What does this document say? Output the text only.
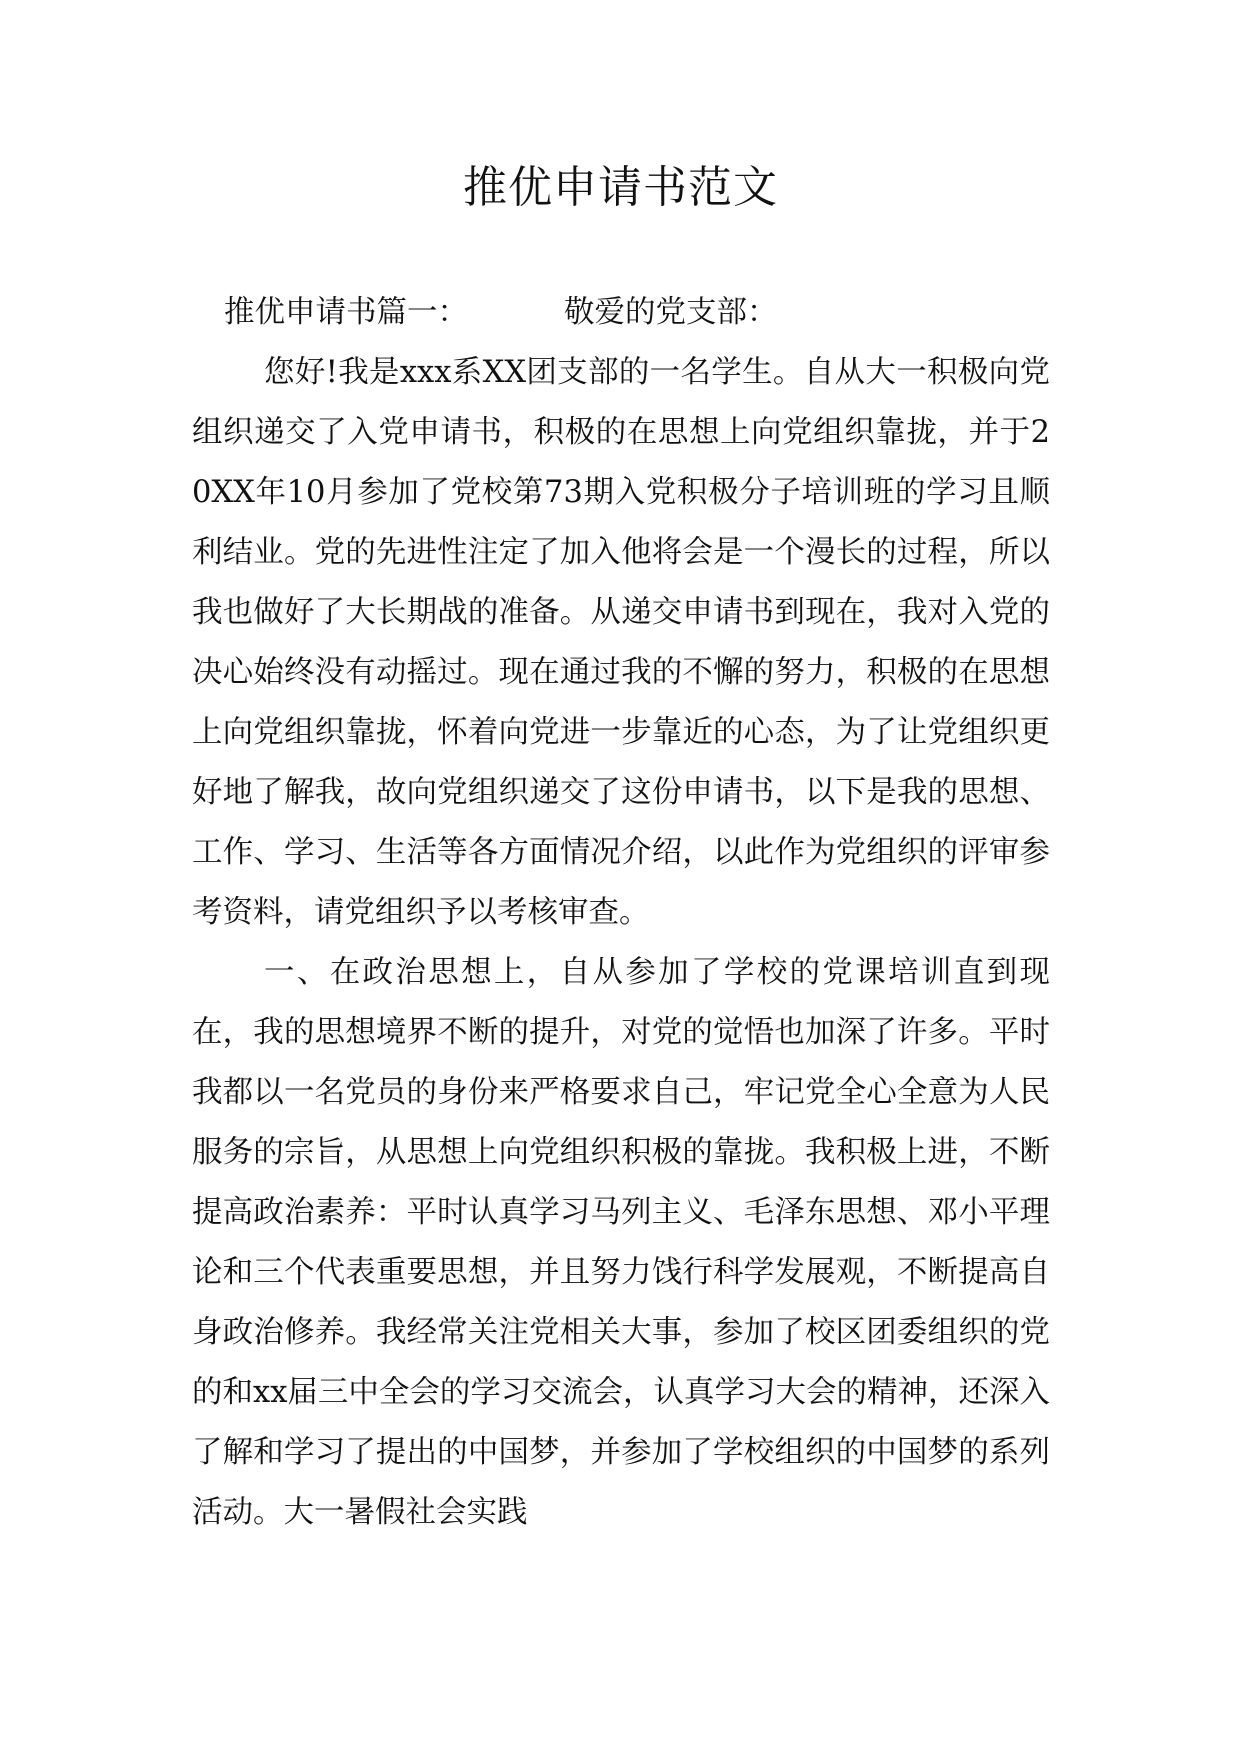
推优申请书范文

推优申请书篇一：	敬爱的党支部：

您好!我是xxx系XX团支部的一名学生。自从大一积极向党组织递交了入党申请书，积极的在思想上向党组织靠拢，并于20XX年10月参加了党校第73期入党积极分子培训班的学习且顺利结业。党的先进性注定了加入他将会是一个漫长的过程，所以我也做好了大长期战的准备。从递交申请书到现在，我对入党的决心始终没有动摇过。现在通过我的不懈的努力，积极的在思想上向党组织靠拢，怀着向党进一步靠近的心态，为了让党组织更好地了解我，故向党组织递交了这份申请书，以下是我的思想、工作、学习、生活等各方面情况介绍，以此作为党组织的评审参考资料，请党组织予以考核审查。

一、在政治思想上，自从参加了学校的党课培训直到现在，我的思想境界不断的提升，对党的觉悟也加深了许多。平时我都以一名党员的身份来严格要求自己，牢记党全心全意为人民服务的宗旨，从思想上向党组织积极的靠拢。我积极上进，不断提高政治素养：平时认真学习马列主义、毛泽东思想、邓小平理论和三个代表重要思想，并且努力饯行科学发展观，不断提高自身政治修养。我经常关注党相关大事，参加了校区团委组织的党的和xx届三中全会的学习交流会，认真学习大会的精神，还深入了解和学习了提出的中国梦，并参加了学校组织的中国梦的系列活动。大一暑假社会实践
